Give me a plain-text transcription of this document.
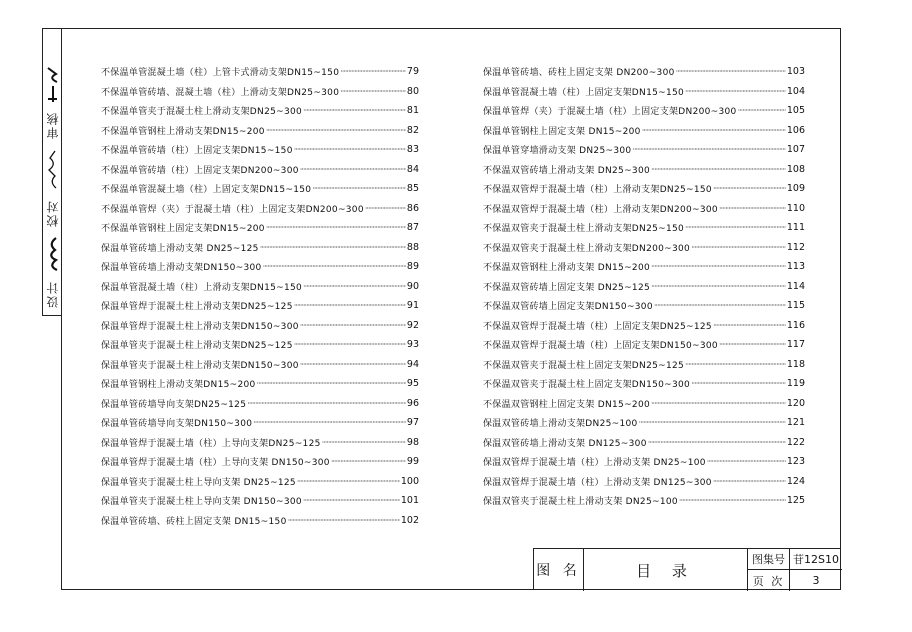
设计
校对
审核
不保温单管混凝土墙（柱）上管卡式滑动支架DN15~150 ·····	79
不保温单管砖墙、混凝土墙（柱）上滑动支架DN25~300 ·····	80
不保温单管夹于混凝土柱上滑动支架DN25~300 ·····	81
不保温单管钢柱上滑动支架DN15~200 ·····	82
不保温单管砖墙（柱）上固定支架DN15~150 ·····	83
不保温单管砖墙（柱）上固定支架DN200~300 ·····	84
不保温单管混凝土墙（柱）上固定支架DN15~150 ·····	85
不保温单管焊（夹）于混凝土墙（柱）上固定支架DN200~300 ·····	86
不保温单管钢柱上固定支架DN15~200 ·····	87
保温单管砖墙上滑动支架 DN25~125 ·····	88
保温单管砖墙上滑动支架DN150~300 ·····	89
保温单管混凝土墙（柱）上滑动支架DN15~150 ·····	90
保温单管焊于混凝土柱上滑动支架DN25~125 ·····	91
保温单管焊于混凝土柱上滑动支架DN150~300 ·····	92
保温单管夹于混凝土柱上滑动支架DN25~125 ·····	93
保温单管夹于混凝土柱上滑动支架DN150~300 ·····	94
保温单管钢柱上滑动支架DN15~200 ·····	95
保温单管砖墙导向支架DN25~125 ·····	96
保温单管砖墙导向支架DN150~300 ·····	97
保温单管焊于混凝土墙（柱）上导向支架DN25~125 ·····	98
保温单管焊于混凝土墙（柱）上导向支架 DN150~300 ·····	99
保温单管夹于混凝土柱上导向支架 DN25~125 ·····	100
保温单管夹于混凝土柱上导向支架 DN150~300 ·····	101
保温单管砖墙、砖柱上固定支架 DN15~150 ·····	102
保温单管砖墙、砖柱上固定支架 DN200~300 ·····	103
保温单管混凝土墙（柱）上固定支架DN15~150 ·····	104
保温单管焊（夹）于混凝土墙（柱）上固定支架DN200~300 ·····	105
保温单管钢柱上固定支架 DN15~200 ·····	106
保温单管穿墙滑动支架 DN25~300 ·····	107
不保温双管砖墙上滑动支架 DN25~300 ·····	108
不保温双管焊于混凝土墙（柱）上滑动支架DN25~150 ·····	109
不保温双管焊于混凝土墙（柱）上滑动支架DN200~300 ·····	110
不保温双管夹于混凝土柱上滑动支架DN25~150 ·····	111
不保温双管夹于混凝土柱上滑动支架DN200~300 ·····	112
不保温双管钢柱上滑动支架 DN15~200 ·····	113
不保温双管砖墙上固定支架 DN25~125 ·····	114
不保温双管砖墙上固定支架DN150~300 ·····	115
不保温双管焊于混凝土墙（柱）上固定支架DN25~125 ·····	116
不保温双管焊于混凝土墙（柱）上固定支架DN150~300 ·····	117
不保温双管夹于混凝土柱上固定支架DN25~125 ·····	118
不保温双管夹于混凝土柱上固定支架DN150~300 ·····	119
不保温双管钢柱上固定支架 DN15~200 ·····	120
保温双管砖墙上滑动支架DN25~100 ·····	121
保温双管砖墙上滑动支架 DN125~300 ·····	122
保温双管焊于混凝土墙（柱）上滑动支架 DN25~100 ·····	123
保温双管焊于混凝土墙（柱）上滑动支架 DN125~300 ·····	124
保温双管夹于混凝土柱上滑动支架 DN25~100 ·····	125
图 名	目 录
图集号 苷12S10
页 次	3
